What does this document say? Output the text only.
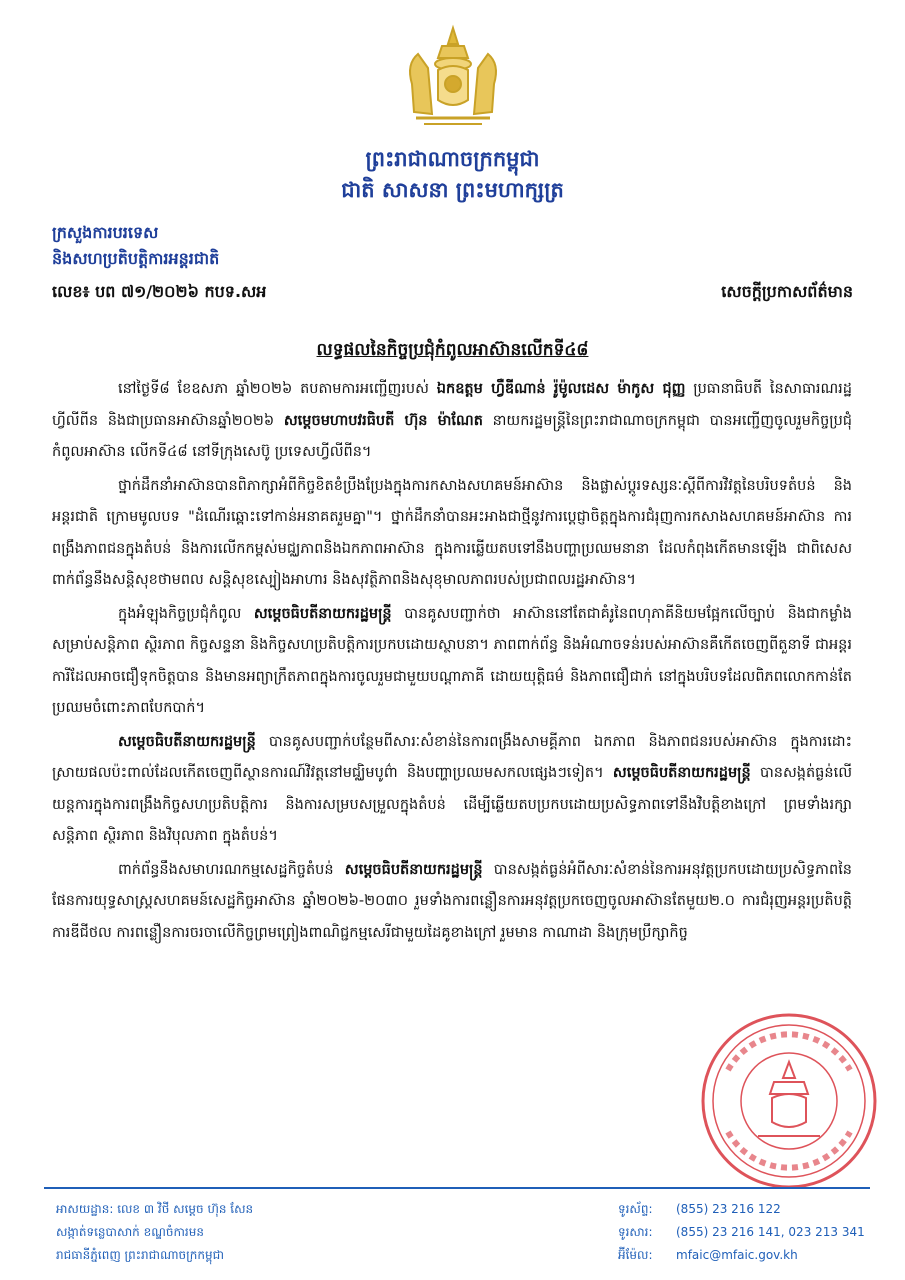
ព្រះរាជាណាចក្រកម្ពុជា
ជាតិ សាសនា ព្រះមហាក្សត្រ
ក្រសួងការបរទេស
និងសហប្រតិបត្តិការអន្តរជាតិ
លេខ៖ បព ៧១/២០២៦ កបទ.សអ	សេចក្ដីប្រកាសព័ត៌មាន
លទ្ធផលនៃកិច្ចប្រជុំកំពូលអាស៊ានលើកទី៤៨

នៅថ្ងៃទី៨ ខែឧសភា ឆ្នាំ២០២៦ តបតាមការអញ្ជើញរបស់ ឯកឧត្តម ហ្វឺឌីណាន់ រ៉ូម៉ូលដេស ម៉ាកូស ជុញ្ញ ប្រធានាធិបតី នៃសាធារណរដ្ឋហ្វីលីពីន និងជាប្រធានអាស៊ានឆ្នាំ២០២៦ សម្ដេចមហាបវរធិបតី ហ៊ុន ម៉ាណែត នាយករដ្ឋមន្ត្រីនៃព្រះរាជាណាចក្រកម្ពុជា បានអញ្ជើញចូលរួមកិច្ចប្រជុំកំពូលអាស៊ាន លើកទី៤៨ នៅទីក្រុងសេប៊ូ ប្រទេសហ្វីលីពីន។

ថ្នាក់ដឹកនាំអាស៊ានបានពិភាក្សាអំពីកិច្ចខិតខំប្រឹងប្រែងក្នុងការកសាងសហគមន៍អាស៊ាន និងផ្លាស់ប្ដូរទស្សនៈស្ដីពីការវិវត្តនៃបរិបទតំបន់ និងអន្តរជាតិ ក្រោមមូលបទ "ដំណើរឆ្ពោះទៅកាន់អនាគតរួមគ្នា"។ ថ្នាក់ដឹកនាំបានអះអាងជាថ្មីនូវការប្ដេជ្ញាចិត្តក្នុងការជំរុញការកសាងសហគមន៍អាស៊ាន ការពង្រឹងភាពជនក្នុងតំបន់ និងការលើកកម្ពស់មជ្ឈភាពនិងឯកភាពអាស៊ាន ក្នុងការឆ្លើយតបទៅនឹងបញ្ហាប្រឈមនានា ដែលកំពុងកើតមានឡើង ជាពិសេសពាក់ព័ន្ធនឹងសន្តិសុខថាមពល សន្តិសុខស្បៀងអាហារ និងសុវត្ថិភាពនិងសុខុមាលភាពរបស់ប្រជាពលរដ្ឋអាស៊ាន។

ក្នុងអំឡុងកិច្ចប្រជុំកំពូល សម្ដេចធិបតីនាយករដ្ឋមន្ត្រី បានគូសបញ្ជាក់ថា អាស៊ាននៅតែជាគំរូនៃពហុភាគីនិយមផ្អែកលើច្បាប់ និងជាកម្លាំងសម្រាប់សន្តិភាព ស្ថិរភាព កិច្ចសន្ទនា និងកិច្ចសហប្រតិបត្តិការប្រកបដោយស្ថាបនា។ ភាពពាក់ព័ន្ធ និងអំណាចទន់របស់អាស៊ានគឺកើតចេញពីតួនាទី ជាអន្តរការីដែលអាចជឿទុកចិត្តបាន និងមានអព្យាក្រឹតភាពក្នុងការចូលរួមជាមួយបណ្ដាភាគី ដោយយុត្តិធម៌ និងភាពជឿជាក់ នៅក្នុងបរិបទដែលពិភពលោកកាន់តែប្រឈមចំពោះភាពបែកបាក់។

សម្ដេចធិបតីនាយករដ្ឋមន្ត្រី បានគូសបញ្ជាក់បន្ថែមពីសារៈសំខាន់នៃការពង្រឹងសាមគ្គីភាព ឯកភាព និងភាពជនរបស់អាស៊ាន ក្នុងការដោះស្រាយផលប៉ះពាល់ដែលកើតចេញពីស្ថានការណ៍វិវត្តនៅមជ្ឈិមបូព៌ា និងបញ្ហាប្រឈមសកលផ្សេងៗទៀត។ សម្ដេចធិបតីនាយករដ្ឋមន្ត្រី បានសង្កត់ធ្ងន់លើយន្តការក្នុងការពង្រឹងកិច្ចសហប្រតិបត្តិការ និងការសម្របសម្រួលក្នុងតំបន់ ដើម្បីឆ្លើយតបប្រកបដោយប្រសិទ្ធភាពទៅនឹងវិបត្តិខាងក្រៅ ព្រមទាំងរក្សាសន្តិភាព ស្ថិរភាព និងវិបុលភាព ក្នុងតំបន់។

ពាក់ព័ន្ធនឹងសមាហរណកម្មសេដ្ឋកិច្ចតំបន់ សម្ដេចធិបតីនាយករដ្ឋមន្ត្រី បានសង្កត់ធ្ងន់អំពីសារៈសំខាន់នៃការអនុវត្តប្រកបដោយប្រសិទ្ធភាពនៃផែនការយុទ្ធសាស្ត្រសហគមន៍សេដ្ឋកិច្ចអាស៊ាន ឆ្នាំ២០២៦-២០៣០ រួមទាំងការពន្លឿនការអនុវត្តប្រកចេញចូលអាស៊ានតែមួយ២.០ ការជំរុញអន្តរប្រតិបត្តិការឌីជីថល ការពន្លឿនការចរចាលើកិច្ចព្រមព្រៀងពាណិជ្ជកម្មសេរីជាមួយដៃគូខាងក្រៅ រួមមាន កាណាដា និងក្រុមប្រឹក្សាកិច្ច

អាសយដ្ឋាន: លេខ ៣ វិថី សម្ដេច ហ៊ុន សែន
សង្កាត់ទន្លេបាសាក់ ខណ្ឌចំការមន
រាជធានីភ្នំពេញ ព្រះរាជាណាចក្រកម្ពុជា
ទូរស័ព្ទ: (855) 23 216 122
ទូរសារ: (855) 23 216 141, 023 213 341
អ៊ីម៉ែល: mfaic@mfaic.gov.kh
